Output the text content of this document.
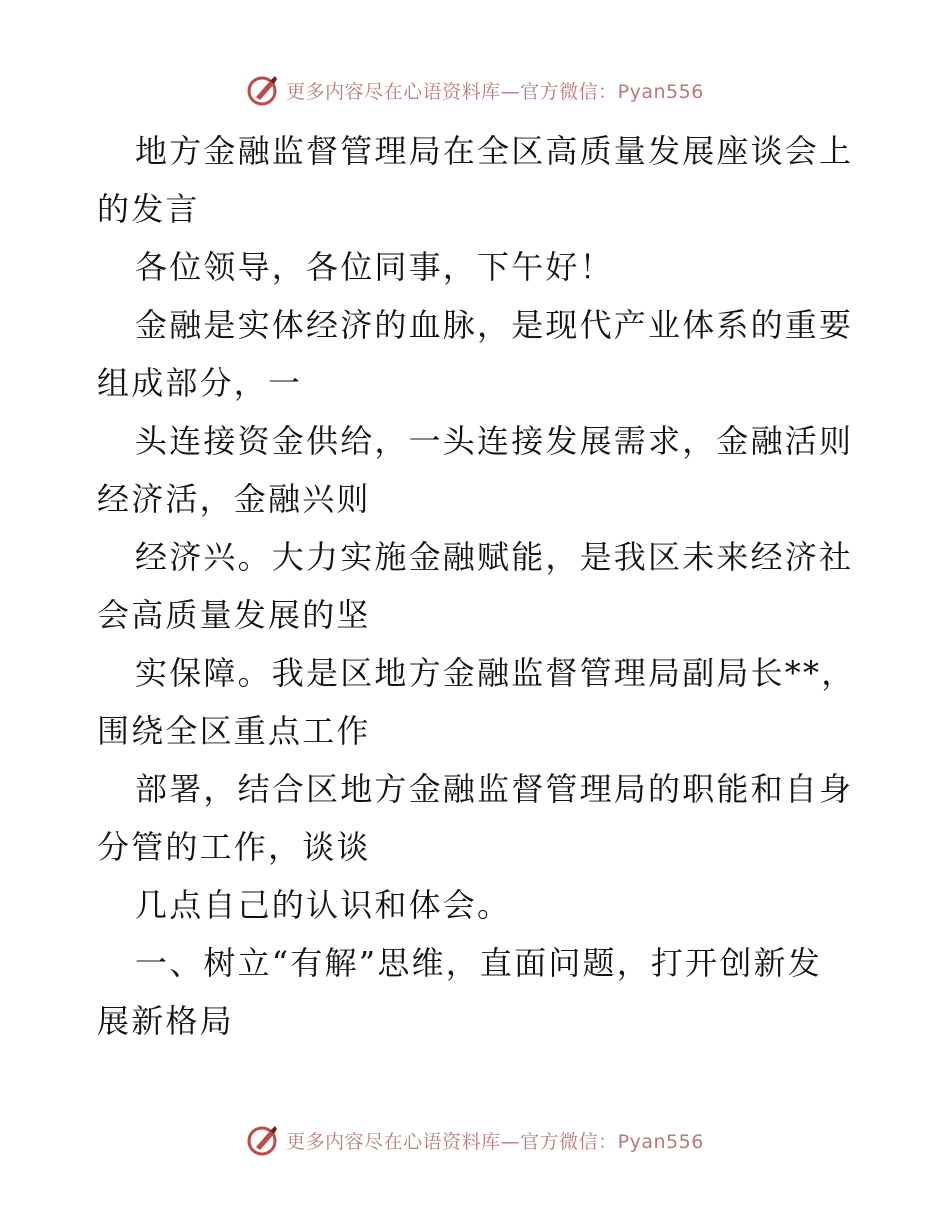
更多内容尽在心语资料库—官方微信：Pyan556

地方金融监督管理局在全区高质量发展座谈会上

的发言

各位领导，各位同事，下午好！

金融是实体经济的血脉，是现代产业体系的重要

组成部分，一

头连接资金供给，一头连接发展需求，金融活则

经济活，金融兴则

经济兴。大力实施金融赋能，是我区未来经济社

会高质量发展的坚

实保障。我是区地方金融监督管理局副局长**，

围绕全区重点工作

部署，结合区地方金融监督管理局的职能和自身

分管的工作，谈谈

几点自己的认识和体会。

一、树立“有解”思维，直面问题，打开创新发

展新格局

更多内容尽在心语资料库—官方微信：Pyan556
